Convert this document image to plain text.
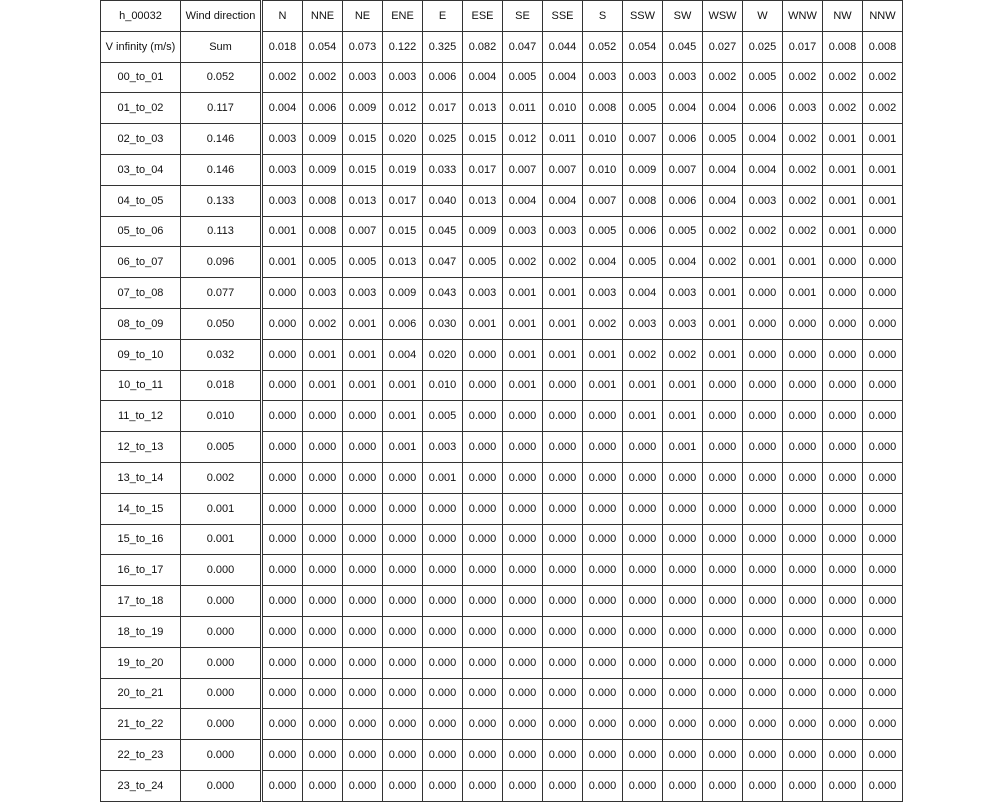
h_00032	Wind direction		N	NNE	NE	ENE	E	ESE	SE	SSE	S	SSW	SW	WSW	W	WNW	NW	NNW
V infinity (m/s)	Sum		0.018	0.054	0.073	0.122	0.325	0.082	0.047	0.044	0.052	0.054	0.045	0.027	0.025	0.017	0.008	0.008
00_to_01	0.052		0.002	0.002	0.003	0.003	0.006	0.004	0.005	0.004	0.003	0.003	0.003	0.002	0.005	0.002	0.002	0.002
01_to_02	0.117		0.004	0.006	0.009	0.012	0.017	0.013	0.011	0.010	0.008	0.005	0.004	0.004	0.006	0.003	0.002	0.002
02_to_03	0.146		0.003	0.009	0.015	0.020	0.025	0.015	0.012	0.011	0.010	0.007	0.006	0.005	0.004	0.002	0.001	0.001
03_to_04	0.146		0.003	0.009	0.015	0.019	0.033	0.017	0.007	0.007	0.010	0.009	0.007	0.004	0.004	0.002	0.001	0.001
04_to_05	0.133		0.003	0.008	0.013	0.017	0.040	0.013	0.004	0.004	0.007	0.008	0.006	0.004	0.003	0.002	0.001	0.001
05_to_06	0.113		0.001	0.008	0.007	0.015	0.045	0.009	0.003	0.003	0.005	0.006	0.005	0.002	0.002	0.002	0.001	0.000
06_to_07	0.096		0.001	0.005	0.005	0.013	0.047	0.005	0.002	0.002	0.004	0.005	0.004	0.002	0.001	0.001	0.000	0.000
07_to_08	0.077		0.000	0.003	0.003	0.009	0.043	0.003	0.001	0.001	0.003	0.004	0.003	0.001	0.000	0.001	0.000	0.000
08_to_09	0.050		0.000	0.002	0.001	0.006	0.030	0.001	0.001	0.001	0.002	0.003	0.003	0.001	0.000	0.000	0.000	0.000
09_to_10	0.032		0.000	0.001	0.001	0.004	0.020	0.000	0.001	0.001	0.001	0.002	0.002	0.001	0.000	0.000	0.000	0.000
10_to_11	0.018		0.000	0.001	0.001	0.001	0.010	0.000	0.001	0.000	0.001	0.001	0.001	0.000	0.000	0.000	0.000	0.000
11_to_12	0.010		0.000	0.000	0.000	0.001	0.005	0.000	0.000	0.000	0.000	0.001	0.001	0.000	0.000	0.000	0.000	0.000
12_to_13	0.005		0.000	0.000	0.000	0.001	0.003	0.000	0.000	0.000	0.000	0.000	0.001	0.000	0.000	0.000	0.000	0.000
13_to_14	0.002		0.000	0.000	0.000	0.000	0.001	0.000	0.000	0.000	0.000	0.000	0.000	0.000	0.000	0.000	0.000	0.000
14_to_15	0.001		0.000	0.000	0.000	0.000	0.000	0.000	0.000	0.000	0.000	0.000	0.000	0.000	0.000	0.000	0.000	0.000
15_to_16	0.001		0.000	0.000	0.000	0.000	0.000	0.000	0.000	0.000	0.000	0.000	0.000	0.000	0.000	0.000	0.000	0.000
16_to_17	0.000		0.000	0.000	0.000	0.000	0.000	0.000	0.000	0.000	0.000	0.000	0.000	0.000	0.000	0.000	0.000	0.000
17_to_18	0.000		0.000	0.000	0.000	0.000	0.000	0.000	0.000	0.000	0.000	0.000	0.000	0.000	0.000	0.000	0.000	0.000
18_to_19	0.000		0.000	0.000	0.000	0.000	0.000	0.000	0.000	0.000	0.000	0.000	0.000	0.000	0.000	0.000	0.000	0.000
19_to_20	0.000		0.000	0.000	0.000	0.000	0.000	0.000	0.000	0.000	0.000	0.000	0.000	0.000	0.000	0.000	0.000	0.000
20_to_21	0.000		0.000	0.000	0.000	0.000	0.000	0.000	0.000	0.000	0.000	0.000	0.000	0.000	0.000	0.000	0.000	0.000
21_to_22	0.000		0.000	0.000	0.000	0.000	0.000	0.000	0.000	0.000	0.000	0.000	0.000	0.000	0.000	0.000	0.000	0.000
22_to_23	0.000		0.000	0.000	0.000	0.000	0.000	0.000	0.000	0.000	0.000	0.000	0.000	0.000	0.000	0.000	0.000	0.000
23_to_24	0.000		0.000	0.000	0.000	0.000	0.000	0.000	0.000	0.000	0.000	0.000	0.000	0.000	0.000	0.000	0.000	0.000
